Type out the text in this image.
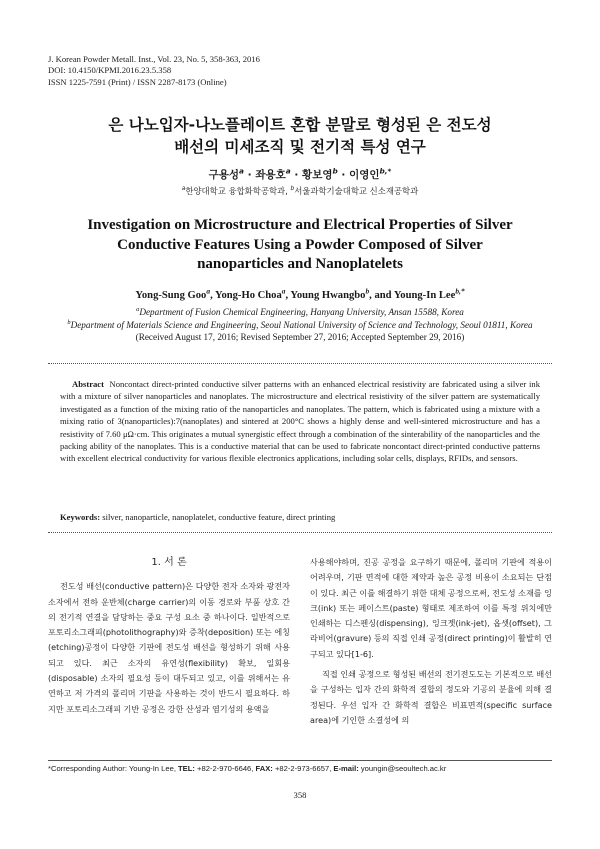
J. Korean Powder Metall. Inst., Vol. 23, No. 5, 358-363, 2016
DOI: 10.4150/KPMI.2016.23.5.358
ISSN 1225-7591 (Print) / ISSN 2287-8173 (Online)
은 나노입자-나노플레이트 혼합 분말로 형성된 은 전도성
배선의 미세조직 및 전기적 특성 연구
구용성$^a$ · 좌용호$^a$ · 황보영$^b$ · 이영인$^{b,*}$
$^a$한양대학교 융합화학공학과, $^b$서울과학기술대학교 신소재공학과
Investigation on Microstructure and Electrical Properties of Silver
Conductive Features Using a Powder Composed of Silver
nanoparticles and Nanoplatelets
Yong-Sung Goo$^a$, Yong-Ho Choa$^a$, Young Hwangbo$^b$, and Young-In Lee$^{b,*}$
$^a$Department of Fusion Chemical Engineering, Hanyang University, Ansan 15588, Korea
$^b$Department of Materials Science and Engineering, Seoul National University of Science and Technology, Seoul 01811, Korea
(Received August 17, 2016; Revised September 27, 2016; Accepted September 29, 2016)
Abstract Noncontact direct-printed conductive silver patterns with an enhanced electrical resistivity are fabricated using a silver ink with a mixture of silver nanoparticles and nanoplates. The microstructure and electrical resistivity of the silver pattern are systematically investigated as a function of the mixing ratio of the nanoparticles and nanoplates. The pattern, which is fabricated using a mixture with a mixing ratio of 3(nanoparticles):7(nanoplates) and sintered at 200°C shows a highly dense and well-sintered microstructure and has a resistivity of 7.60 μΩ·cm. This originates a mutual synergistic effect through a combination of the sinterability of the nanoparticles and the packing ability of the nanoplates. This is a conductive material that can be used to fabricate noncontact direct-printed conductive patterns with excellent electrical conductivity for various flexible electronics applications, including solar cells, displays, RFIDs, and sensors.
Keywords: silver, nanoparticle, nanoplatelet, conductive feature, direct printing
1. 서 론

전도성 배선(conductive pattern)은 다양한 전자 소자와 광전자 소자에서 전하 운반체(charge carrier)의 이동 경로와 부품 상호 간의 전기적 연결을 담당하는 중요 구성 요소 중 하나이다. 일반적으로 포토리소그래피(photolithography)와 증착(deposition) 또는 에칭(etching)공정이 다양한 기판에 전도성 배선을 형성하기 위해 사용되고 있다. 최근 소자의 유연성(flexibility) 확보, 일회용(disposable) 소자의 필요성 등이 대두되고 있고, 이를 위해서는 유연하고 저 가격의 폴리머 기판을 사용하는 것이 반드시 필요하다. 하지만 포토리소그래피 기반 공정은 강한 산성과 염기성의 용액을

사용해야하며, 진공 공정을 요구하기 때문에, 폴리머 기판에 적용이 어려우며, 기판 면적에 대한 제약과 높은 공정 비용이 소요되는 단점이 있다. 최근 이를 해결하기 위한 대체 공정으로써, 전도성 소재를 잉크(ink) 또는 페이스트(paste) 형태로 제조하여 이를 특정 위치에만 인쇄하는 디스펜싱(dispensing), 잉크젯(ink-jet), 옵셋(offset), 그라비어(gravure) 등의 직접 인쇄 공정(direct printing)이 활발히 연구되고 있다[1-6].

직접 인쇄 공정으로 형성된 배선의 전기전도도는 기본적으로 배선을 구성하는 입자 간의 화학적 결합의 정도와 기공의 분율에 의해 결정된다. 우선 입자 간 화학적 결합은 비표면적(specific surface area)에 기인한 소결성에 의

*Corresponding Author: Young-In Lee, TEL: +82-2-970-6646, FAX: +82-2-973-6657, E-mail: youngin@seoultech.ac.kr
358
